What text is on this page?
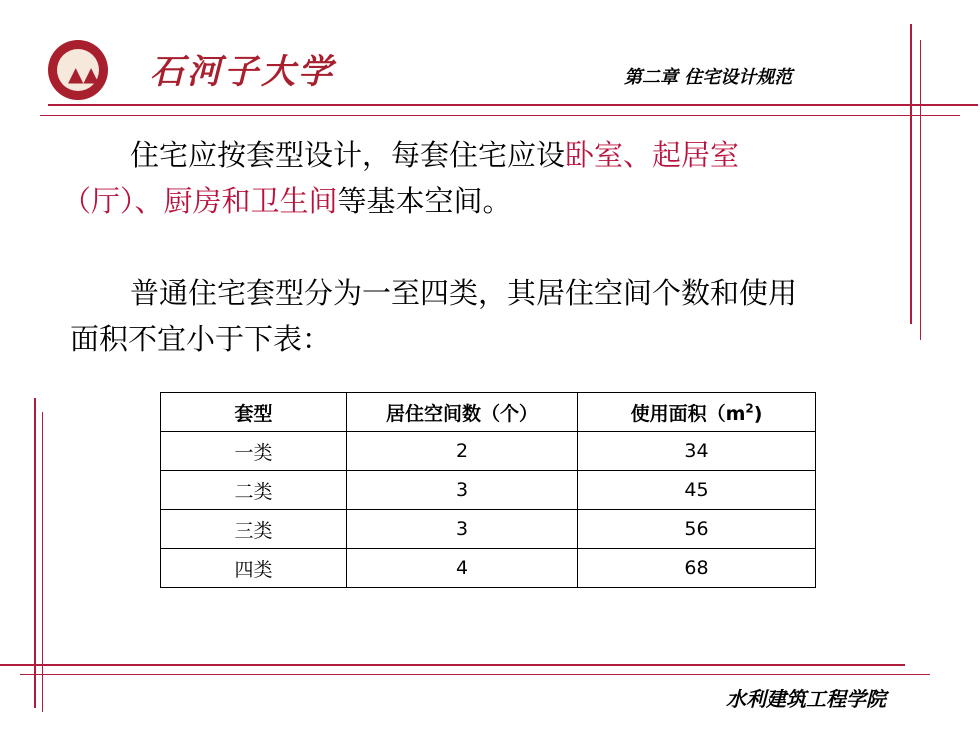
▲▲ 石河子大学	第二章 住宅设计规范
住宅应按套型设计，每套住宅应设卧室、起居室
（厅）、厨房和卫生间等基本空间。
普通住宅套型分为一至四类，其居住空间个数和使用
面积不宜小于下表：
套型	居住空间数（个）	使用面积$(m^2)$
一类	2	34
二类	3	45
三类	3	56
四类	4	68
水利建筑工程学院
